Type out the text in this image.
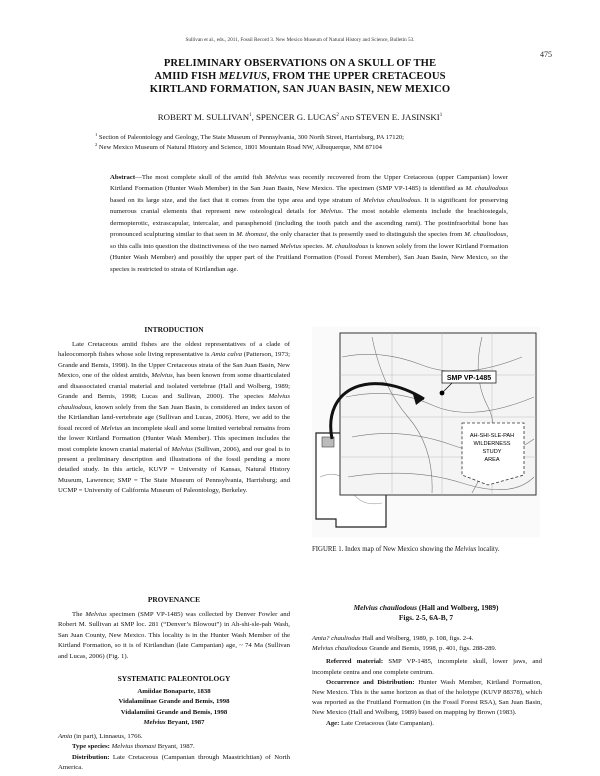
Sullivan et al., eds., 2011, Fossil Record 3. New Mexico Museum of Natural History and Science, Bulletin 53.
475
PRELIMINARY OBSERVATIONS ON A SKULL OF THE
AMIID FISH MELVIUS, FROM THE UPPER CRETACEOUS
KIRTLAND FORMATION, SAN JUAN BASIN, NEW MEXICO
ROBERT M. SULLIVAN$^1$, SPENCER G. LUCAS$^2$ AND STEVEN E. JASINSKI$^1$
$^1$ Section of Paleontology and Geology, The State Museum of Pennsylvania, 300 North Street, Harrisburg, PA 17120;
$^2$ New Mexico Museum of Natural History and Science, 1801 Mountain Road NW, Albuquerque, NM 87104
Abstract—The most complete skull of the amiid fish Melvius was recently recovered from the Upper Cretaceous (upper Campanian) lower Kirtland Formation (Hunter Wash Member) in the San Juan Basin, New Mexico. The specimen (SMP VP-1485) is identified as M. chauliodous based on its large size, and the fact that it comes from the type area and type stratum of Melvius chauliodous. It is significant for preserving numerous cranial elements that represent new osteological details for Melvius. The most notable elements include the brachiostegals, dermopterotic, extrascapular, intercalar, and parasphenoid (including the tooth patch and the ascending rami). The postinfraorbital bone has pronounced sculpturing similar to that seen in M. thomasi, the only character that is presently used to distinguish the species from M. chauliodous, so this calls into question the distinctiveness of the two named Melvius species. M. chauliodous is known solely from the lower Kirtland Formation (Hunter Wash Member) and possibly the upper part of the Fruitland Formation (Fossil Forest Member), San Juan Basin, New Mexico, so the species is restricted to strata of Kirtlandian age.
INTRODUCTION

Late Cretaceous amiid fishes are the oldest representatives of a clade of haleocomorph fishes whose sole living representative is Amia calva (Patterson, 1973; Grande and Bemis, 1998). In the Upper Cretaceous strata of the San Juan Basin, New Mexico, one of the oldest amiids, Melvius, has been known from some disarticulated and disassociated cranial material and isolated vertebrae (Hall and Wolberg, 1989; Grande and Bemis, 1998; Lucas and Sullivan, 2000). The species Melvius chauliodous, known solely from the San Juan Basin, is considered an index taxon of the Kirtlandian land-vertebrate age (Sullivan and Lucas, 2006). Here, we add to the fossil record of Melvius an incomplete skull and some limited vertebral remains from the lower Kirtland Formation (Hunter Wash Member). This specimen includes the most complete known cranial material of Melvius (Sullivan, 2006), and our goal is to present a preliminary description and illustrations of the fossil pending a more detailed study. In this article, KUVP = University of Kansas, Natural History Museum, Lawrence; SMP = The State Museum of Pennsylvania, Harrisburg; and UCMP = University of California Museum of Paleontology, Berkeley.

PROVENANCE

The Melvius specimen (SMP VP-1485) was collected by Denver Fowler and Robert M. Sullivan at SMP loc. 281 (“Denver’s Blowout”) in Ah-shi-sle-pah Wash, San Juan County, New Mexico. This locality is in the Hunter Wash Member of the Kirtland Formation, so it is of Kirtlandian (late Campanian) age, ~ 74 Ma (Sullivan and Lucas, 2006) (Fig. 1).

SYSTEMATIC PALEONTOLOGY
Amiidae Bonaparte, 1838
Vidalamiinae Grande and Bemis, 1998
Vidalamiini Grande and Bemis, 1998
Melvius Bryant, 1987

Amia (in part), Linnaeus, 1766.

Type species: Melvius thomasi Bryant, 1987.

Distribution: Late Cretaceous (Campanian through Maastrichtian) of North America.

SMP VP-1485
AH-SHI-SLE-PAH
WILDERNESS
STUDY
AREA
FIGURE 1. Index map of New Mexico showing the Melvius locality.
Melvius chauliodous (Hall and Wolberg, 1989)
Figs. 2-5, 6A-B, 7

Amia? chauliodus Hall and Wolberg, 1989, p. 108, figs. 2-4.

Melvius chauliodous Grande and Bemis, 1998, p. 401, figs. 288-289.

Referred material: SMP VP-1485, incomplete skull, lower jaws, and incomplete centra and one complete centrum.

Occurrence and Distribution: Hunter Wash Member, Kirtland Formation, New Mexico. This is the same horizon as that of the holotype (KUVP 88378), which was reported as the Fruitland Formation (in the Fossil Forest RSA), San Juan Basin, New Mexico (Hall and Wolberg, 1989) based on mapping by Brown (1983).

Age: Late Cretaceous (late Campanian).
